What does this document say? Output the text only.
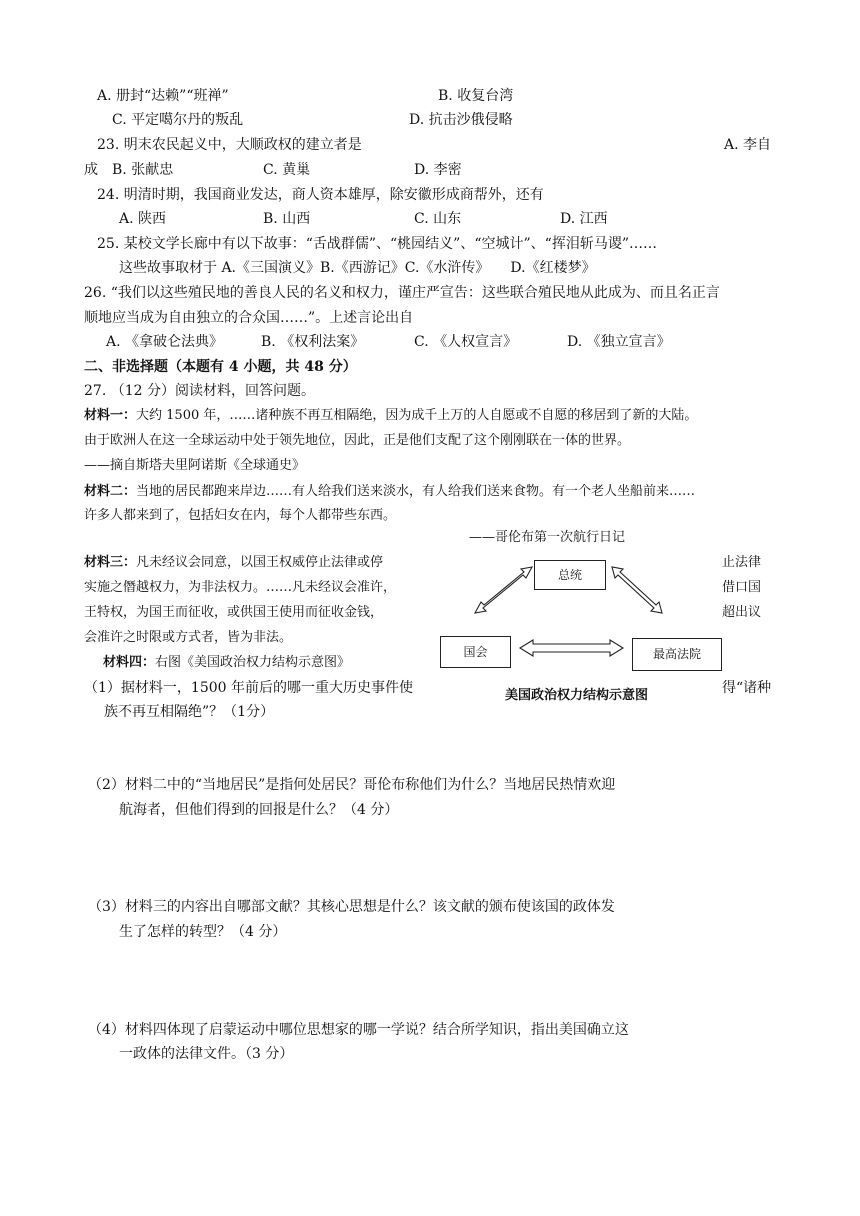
A. 册封“达赖”“班禅”	B. 收复台湾
C. 平定噶尔丹的叛乱	D. 抗击沙俄侵略
23. 明末农民起义中，大顺政权的建立者是	A. 李自
成 B. 张献忠	C. 黄巢	D. 李密
24. 明清时期，我国商业发达，商人资本雄厚，除安徽形成商帮外，还有
A. 陕西	B. 山西	C. 山东	D. 江西
25. 某校文学长廊中有以下故事：“舌战群儒”、“桃园结义”、“空城计”、“挥泪斩马谡”……
这些故事取材于 A.《三国演义》B.《西游记》C.《水浒传》　　D.《红楼梦》
26. “我们以这些殖民地的善良人民的名义和权力，谨庄严宣告：这些联合殖民地从此成为、而且名正言
顺地应当成为自由独立的合众国……”。上述言论出自
A. 《拿破仑法典》	B. 《权利法案》	C. 《人权宣言》	D. 《独立宣言》
二、非选择题（本题有 4 小题，共 48 分）
27. （12 分）阅读材料，回答问题。
材料一：大约 1500 年，……诸种族不再互相隔绝，因为成千上万的人自愿或不自愿的移居到了新的大陆。
由于欧洲人在这一全球运动中处于领先地位，因此，正是他们支配了这个刚刚联在一体的世界。
——摘自斯塔夫里阿诺斯《全球通史》
材料二：当地的居民都跑来岸边……有人给我们送来淡水，有人给我们送来食物。有一个老人坐船前来……
许多人都来到了，包括妇女在内，每个人都带些东西。
——哥伦布第一次航行日记
材料三：凡未经议会同意，以国王权威停止法律或停
实施之僭越权力，为非法权力。……凡未经议会准许，
王特权，为国王而征收，或供国王使用而征收金钱，
会准许之时限或方式者，皆为非法。
止法律
借口国
超出议
材料四：右图《美国政治权力结构示意图》
总统
国会	最高法院
美国政治权力结构示意图
（1）据材料一，1500 年前后的哪一重大历史事件使	得“诸种
族不再互相隔绝”？（1分）
（2）材料二中的“当地居民”是指何处居民？哥伦布称他们为什么？当地居民热情欢迎
航海者，但他们得到的回报是什么？（4 分）
（3）材料三的内容出自哪部文献？其核心思想是什么？该文献的颁布使该国的政体发
生了怎样的转型？（4 分）
（4）材料四体现了启蒙运动中哪位思想家的哪一学说？结合所学知识，指出美国确立这
一政体的法律文件。（3 分）
